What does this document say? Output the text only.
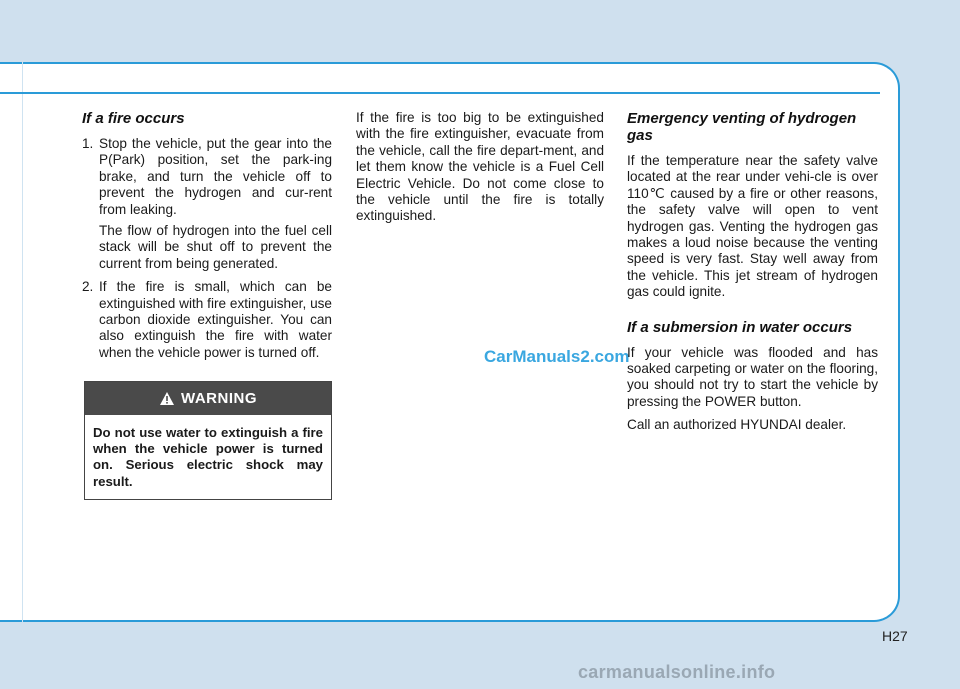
If a fire occurs
1. Stop the vehicle, put the gear into the P(Park) position, set the park-ing brake, and turn the vehicle off to prevent the hydrogen and cur-rent from leaking.

The flow of hydrogen into the fuel cell stack will be shut off to prevent the current from being generated.

2. If the fire is small, which can be extinguished with fire extinguisher, use carbon dioxide extinguisher. You can also extinguish the fire with water when the vehicle power is turned off.
WARNING
Do not use water to extinguish a fire when the vehicle power is turned on. Serious electric shock may result.

If the fire is too big to be extinguished with the fire extinguisher, evacuate from the vehicle, call the fire depart-ment, and let them know the vehicle is a Fuel Cell Electric Vehicle. Do not come close to the vehicle until the fire is totally extinguished.

CarManuals2.com
Emergency venting of hydrogen gas

If the temperature near the safety valve located at the rear under vehi-cle is over 110℃ caused by a fire or other reasons, the safety valve will open to vent hydrogen gas. Venting the hydrogen gas makes a loud noise because the venting speed is very fast. Stay well away from the vehicle. This jet stream of hydrogen gas could ignite.

If a submersion in water occurs

If your vehicle was flooded and has soaked carpeting or water on the flooring, you should not try to start the vehicle by pressing the POWER button.

Call an authorized HYUNDAI dealer.

H27
carmanualsonline.info
